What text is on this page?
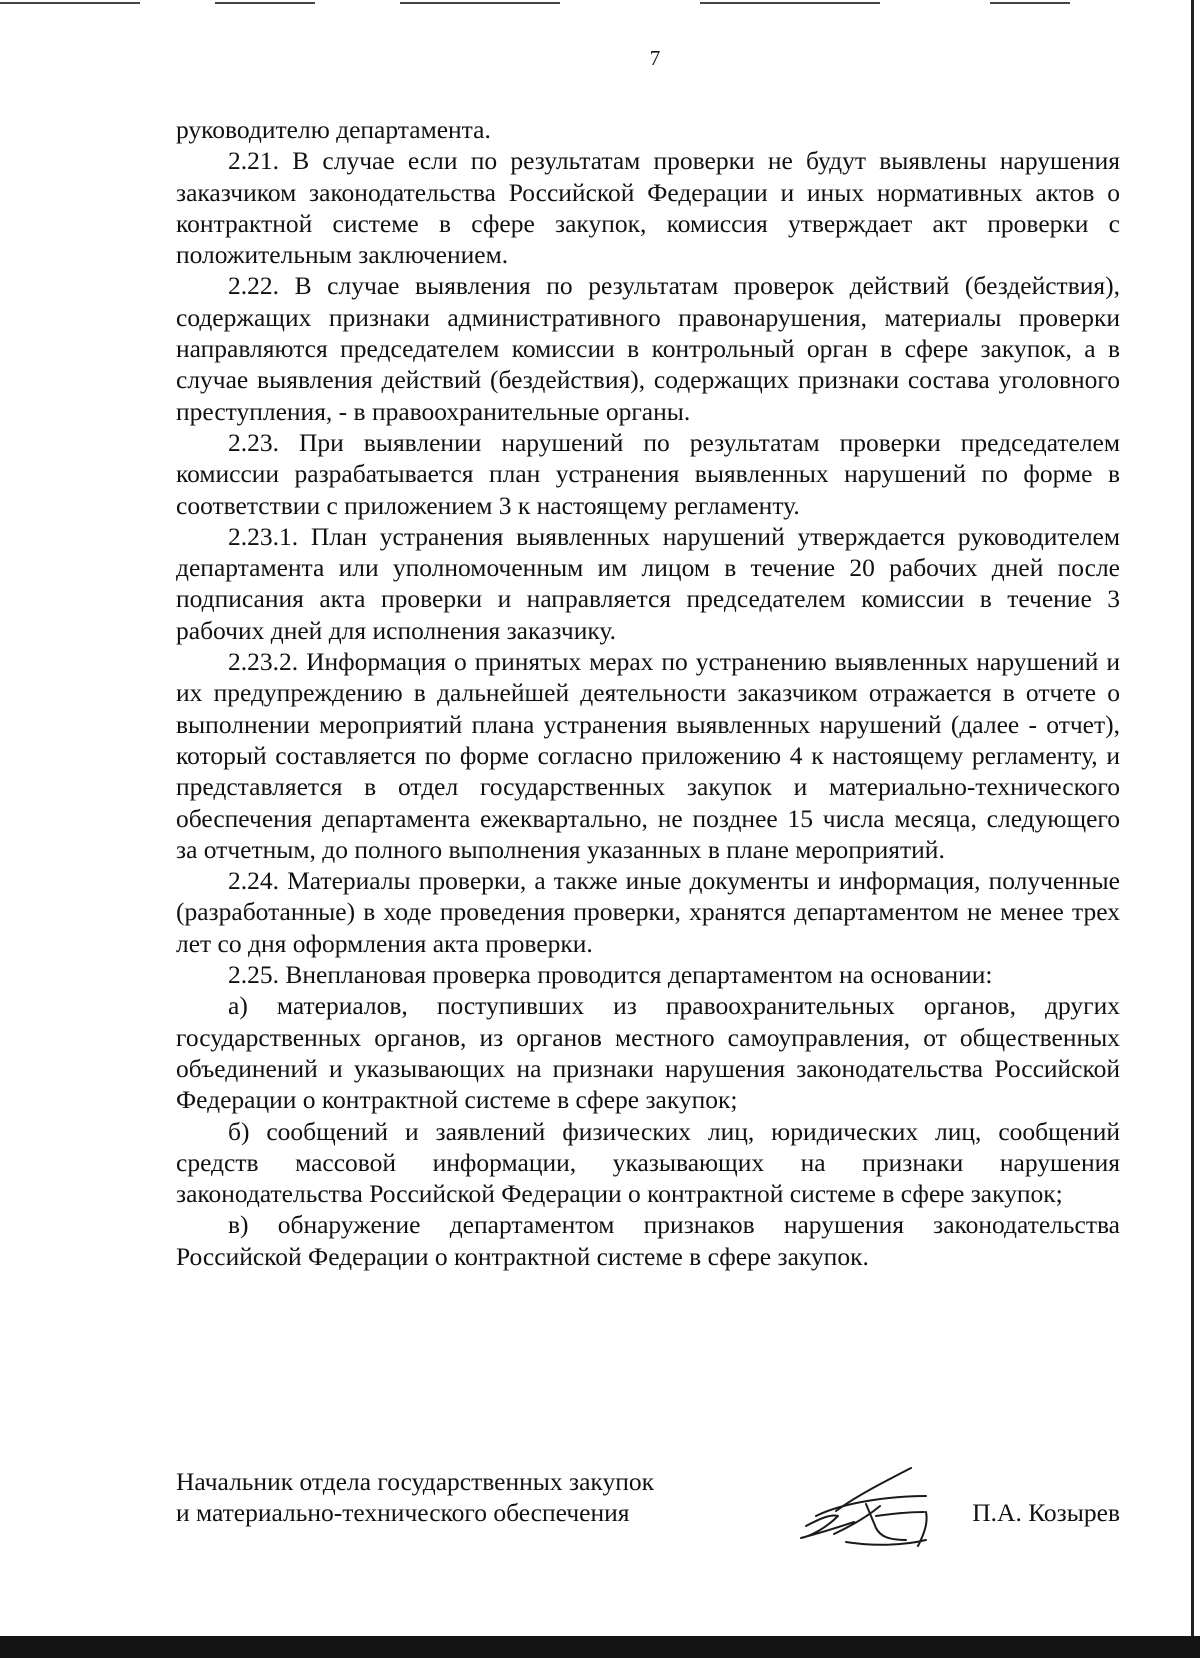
7

руководителю департамента.

2.21. В случае если по результатам проверки не будут выявлены нарушения заказчиком законодательства Российской Федерации и иных нормативных актов о контрактной системе в сфере закупок, комиссия утверждает акт проверки с положительным заключением.

2.22. В случае выявления по результатам проверок действий (бездействия), содержащих признаки административного правонарушения, материалы проверки направляются председателем комиссии в контрольный орган в сфере закупок, а в случае выявления действий (бездействия), содержащих признаки состава уголовного преступления, - в правоохранительные органы.

2.23. При выявлении нарушений по результатам проверки председателем комиссии разрабатывается план устранения выявленных нарушений по форме в соответствии с приложением 3 к настоящему регламенту.

2.23.1. План устранения выявленных нарушений утверждается руководителем департамента или уполномоченным им лицом в течение 20 рабочих дней после подписания акта проверки и направляется председателем комиссии в течение 3 рабочих дней для исполнения заказчику.

2.23.2. Информация о принятых мерах по устранению выявленных нарушений и их предупреждению в дальнейшей деятельности заказчиком отражается в отчете о выполнении мероприятий плана устранения выявленных нарушений (далее - отчет), который составляется по форме согласно приложению 4 к настоящему регламенту, и представляется в отдел государственных закупок и материально-технического обеспечения департамента ежеквартально, не позднее 15 числа месяца, следующего за отчетным, до полного выполнения указанных в плане мероприятий.

2.24. Материалы проверки, а также иные документы и информация, полученные (разработанные) в ходе проведения проверки, хранятся департаментом не менее трех лет со дня оформления акта проверки.

2.25. Внеплановая проверка проводится департаментом на основании:

а) материалов, поступивших из правоохранительных органов, других государственных органов, из органов местного самоуправления, от общественных объединений и указывающих на признаки нарушения законодательства Российской Федерации о контрактной системе в сфере закупок;

б) сообщений и заявлений физических лиц, юридических лиц, сообщений средств массовой информации, указывающих на признаки нарушения законодательства Российской Федерации о контрактной системе в сфере закупок;

в) обнаружение департаментом признаков нарушения законодательства Российской Федерации о контрактной системе в сфере закупок.

Начальник отдела государственных закупок
и материально-технического обеспечения	П.А. Козырев
